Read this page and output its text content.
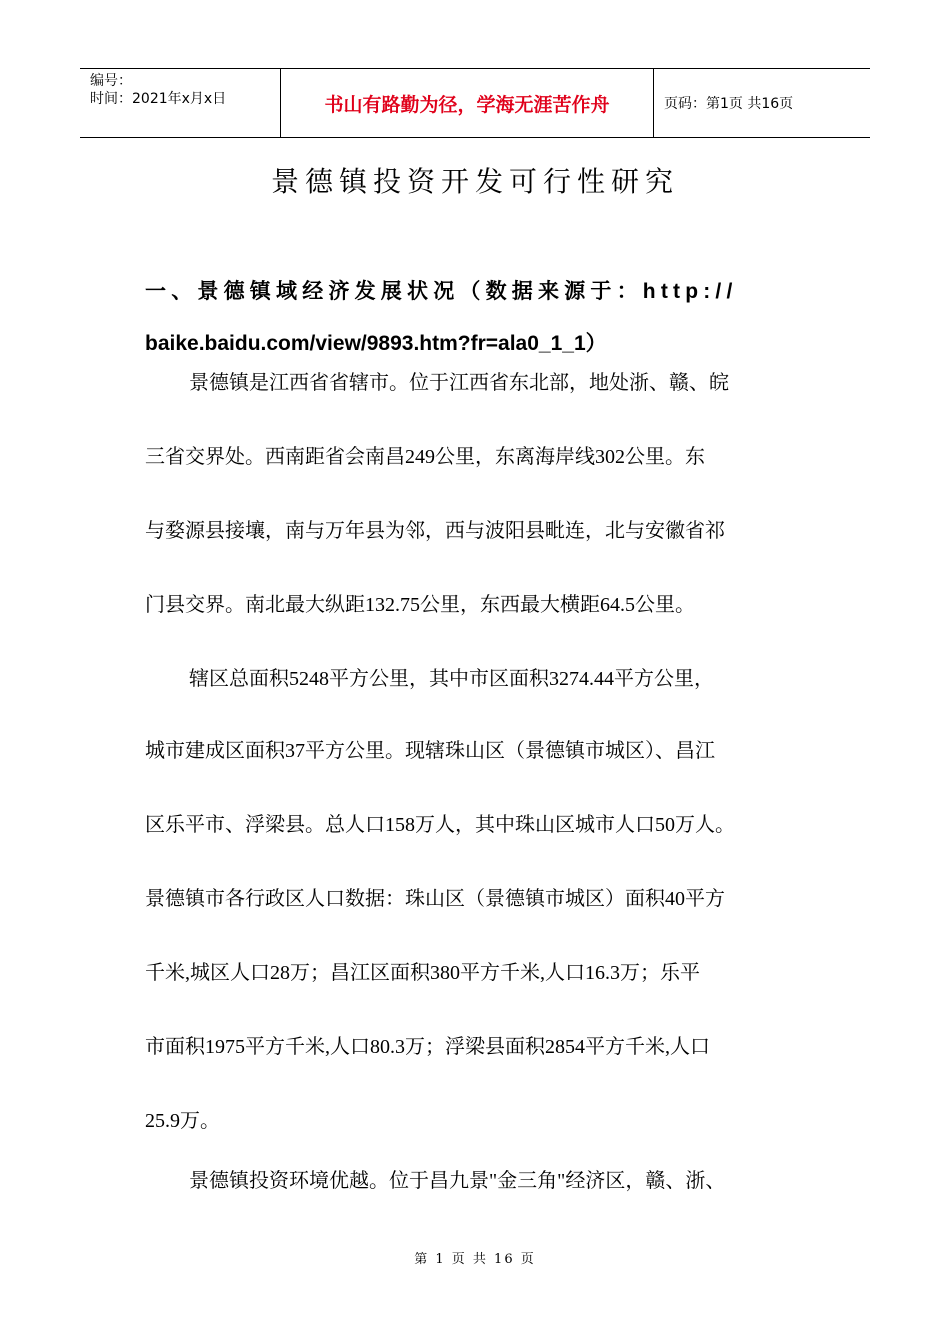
编号：
时间：2021年x月x日	书山有路勤为径，学海无涯苦作舟	页码：第1页 共16页
景德镇投资开发可行性研究
一、景德镇域经济发展状况（数据来源于：http://
baike.baidu.com/view/9893.htm?fr=ala0_1_1）
景德镇是江西省省辖市。位于江西省东北部，地处浙、赣、皖
三省交界处。西南距省会南昌249公里，东离海岸线302公里。东
与婺源县接壤，南与万年县为邻，西与波阳县毗连，北与安徽省祁
门县交界。南北最大纵距132.75公里，东西最大横距64.5公里。
辖区总面积5248平方公里，其中市区面积3274.44平方公里，
城市建成区面积37平方公里。现辖珠山区（景德镇市城区）、昌江
区乐平市、浮梁县。总人口158万人，其中珠山区城市人口50万人。
景德镇市各行政区人口数据：珠山区（景德镇市城区）面积40平方
千米,城区人口28万；昌江区面积380平方千米,人口16.3万；乐平
市面积1975平方千米,人口80.3万；浮梁县面积2854平方千米,人口
25.9万。
景德镇投资环境优越。位于昌九景"金三角"经济区，赣、浙、
第 1 页 共 16 页
